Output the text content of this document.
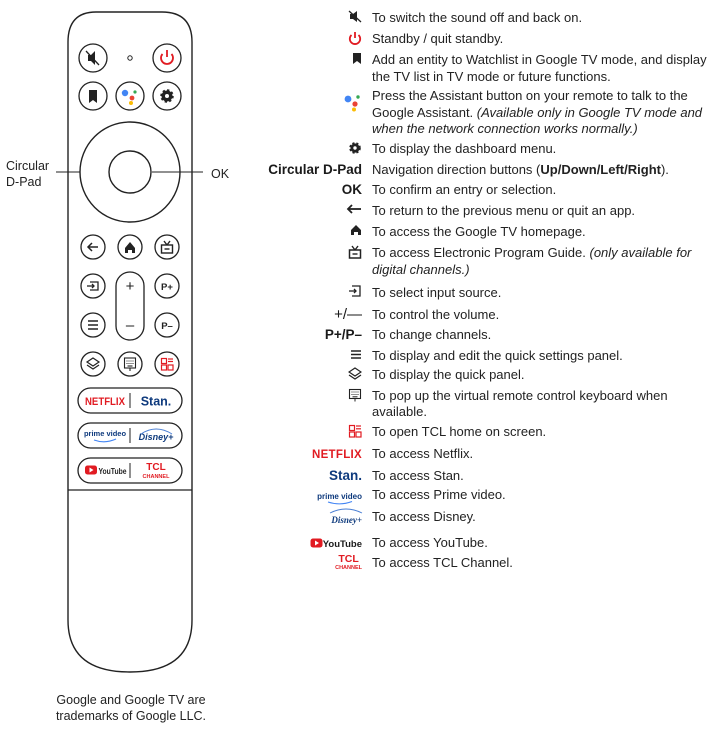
+
–
P+
P–
NETFLIX Stan.
prime video Disney+
YouTube TCL
CHANNEL
Circular
D-Pad
OK
Google and Google TV are trademarks of Google LLC.
To switch the sound off and back on.
Standby / quit standby.
Add an entity to Watchlist in Google TV mode, and display the TV list in TV mode or future functions.
Press the Assistant button on your remote to talk to the Google Assistant. (Available only in Google TV mode and when the network connection works normally.)
To display the dashboard menu.
Circular D-Pad Navigation direction buttons (Up/Down/Left/Right).
OK To confirm an entry or selection.
To return to the previous menu or quit an app.
To access the Google TV homepage.
To access Electronic Program Guide. (only available for digital channels.)
To select input source.
+/— To control the volume.
P+/P– To change channels.
To display and edit the quick settings panel.
To display the quick panel.
To pop up the virtual remote control keyboard when available.
To open TCL home on screen.
NETFLIX To access Netflix.
Stan. To access Stan.
prime video To access Prime video.
Disney+ To access Disney.
YouTube To access YouTube.
TCL
CHANNEL To access TCL Channel.
